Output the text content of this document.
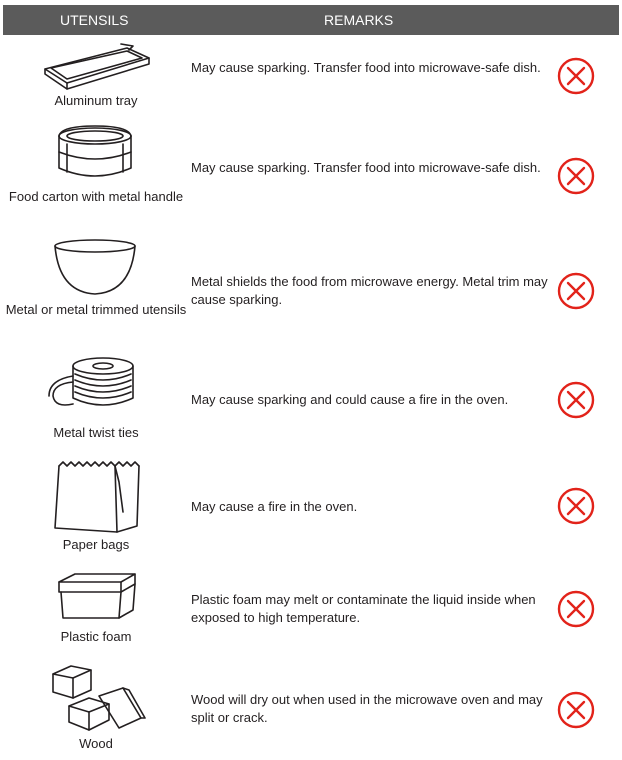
UTENSILS	REMARKS
Aluminum tray
May cause sparking. Transfer food into microwave-safe dish.
Food carton with metal handle
May cause sparking. Transfer food into microwave-safe dish.
Metal or metal trimmed utensils
Metal shields the food from microwave energy. Metal trim may cause sparking.
Metal twist ties
May cause sparking and could cause a fire in the oven.
Paper bags
May cause a fire in the oven.
Plastic foam
Plastic foam may melt or contaminate the liquid inside when exposed to high temperature.
Wood
Wood will dry out when used in the microwave oven and may split or crack.
